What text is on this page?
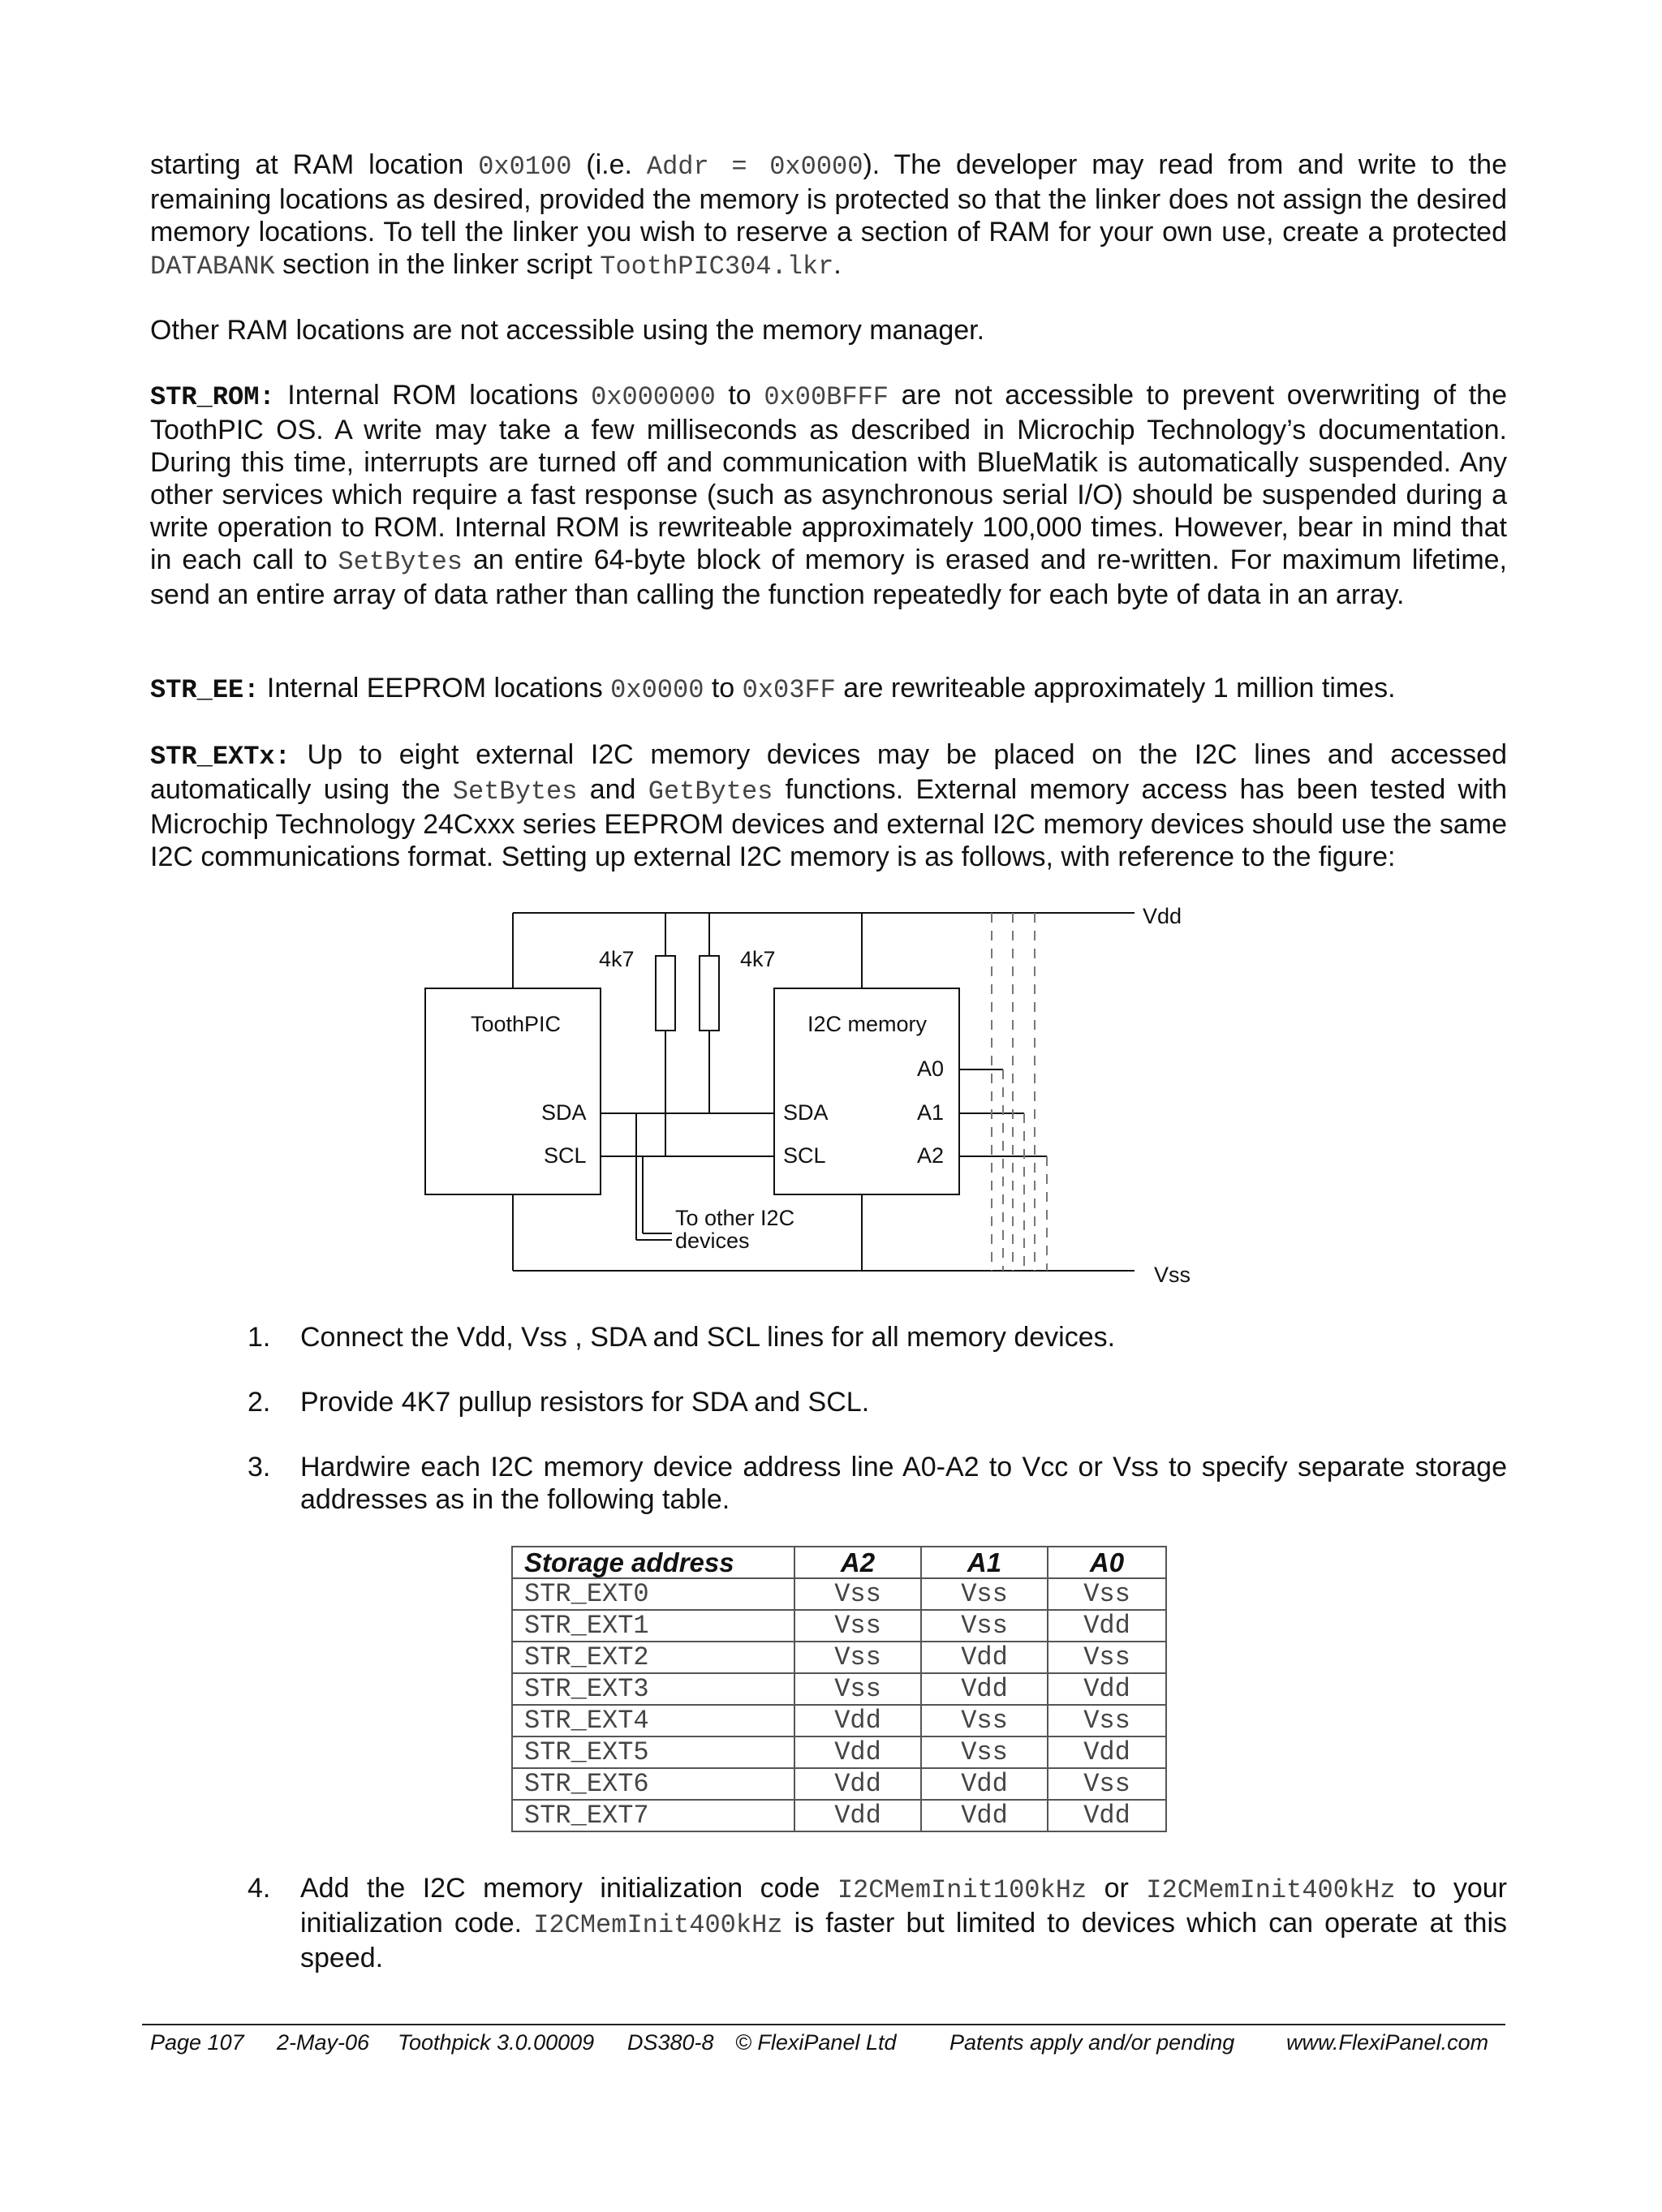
starting at RAM location 0x0100 (i.e. Addr = 0x0000). The developer may read from and write to the remaining locations as desired, provided the memory is protected so that the linker does not assign the desired memory locations. To tell the linker you wish to reserve a section of RAM for your own use, create a protected DATABANK section in the linker script ToothPIC304.lkr.

Other RAM locations are not accessible using the memory manager.

STR_ROM: Internal ROM locations 0x000000 to 0x00BFFF are not accessible to prevent overwriting of the ToothPIC OS. A write may take a few milliseconds as described in Microchip Technology’s documentation. During this time, interrupts are turned off and communication with BlueMatik is automatically suspended. Any other services which require a fast response (such as asynchronous serial I/O) should be suspended during a write operation to ROM. Internal ROM is rewriteable approximately 100,000 times. However, bear in mind that in each call to SetBytes an entire 64-byte block of memory is erased and re-written. For maximum lifetime, send an entire array of data rather than calling the function repeatedly for each byte of data in an array.

STR_EE: Internal EEPROM locations 0x0000 to 0x03FF are rewriteable approximately 1 million times.

STR_EXTx: Up to eight external I2C memory devices may be placed on the I2C lines and accessed automatically using the SetBytes and GetBytes functions. External memory access has been tested with Microchip Technology 24Cxxx series EEPROM devices and external I2C memory devices should use the same I2C communications format. Setting up external I2C memory is as follows, with reference to the figure:

Vdd
Vss
4k7	4k7
ToothPIC
SDA
SCL
I2C memory
A0
A1
A2
SDA
SCL
To other I2C
devices
1. Connect the Vdd, Vss , SDA and SCL lines for all memory devices.
2. Provide 4K7 pullup resistors for SDA and SCL.
3. Hardwire each I2C memory device address line A0-A2 to Vcc or Vss to specify separate storage addresses as in the following table.
Storage address	A2	A1	A0
STR_EXT0	Vss	Vss	Vss
STR_EXT1	Vss	Vss	Vdd
STR_EXT2	Vss	Vdd	Vss
STR_EXT3	Vss	Vdd	Vdd
STR_EXT4	Vdd	Vss	Vss
STR_EXT5	Vdd	Vss	Vdd
STR_EXT6	Vdd	Vdd	Vss
STR_EXT7	Vdd	Vdd	Vdd
4. Add the I2C memory initialization code I2CMemInit100kHz or I2CMemInit400kHz to your initialization code. I2CMemInit400kHz is faster but limited to devices which can operate at this speed.
Page 107 2-May-06 Toothpick 3.0.00009 DS380-8 © FlexiPanel Ltd Patents apply and/or pending www.FlexiPanel.com
